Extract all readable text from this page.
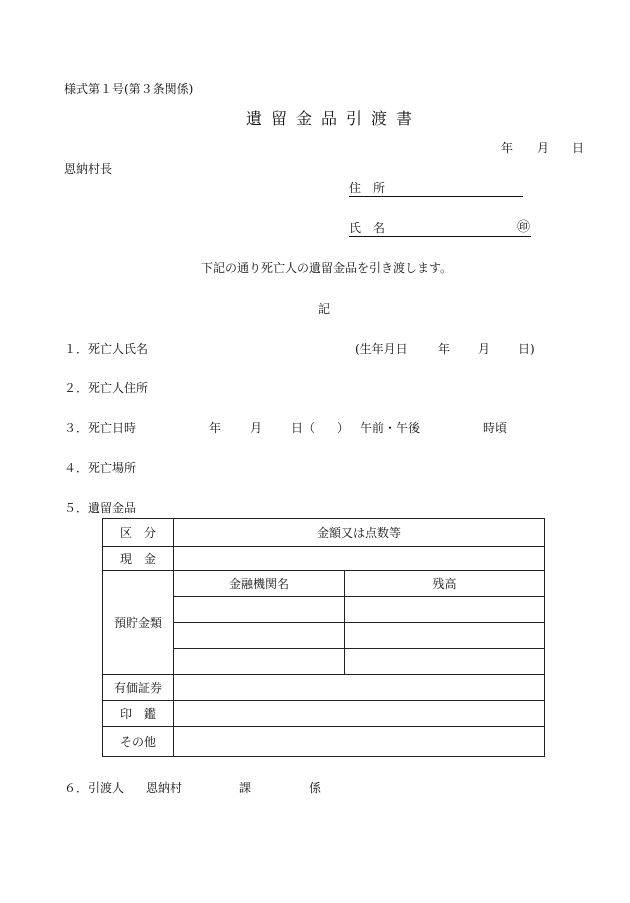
様式第１号(第３条関係)
遺留金品引渡書
年 月 日
恩納村長
住　所
氏　名	㊞
下記の通り死亡人の遺留金品を引き渡します。
記
１．死亡人氏名	(生年月日	年 月 日)
２．死亡人住所
３．死亡日時	年 月 日（ ） 午前・午後	時頃
４．死亡場所
５．遺留金品
区　分	金額又は点数等	
現　金		
預貯金類	金融機関名	残高

有価証券		
印　鑑		
その他		
６．引渡人 恩納村	課	係
